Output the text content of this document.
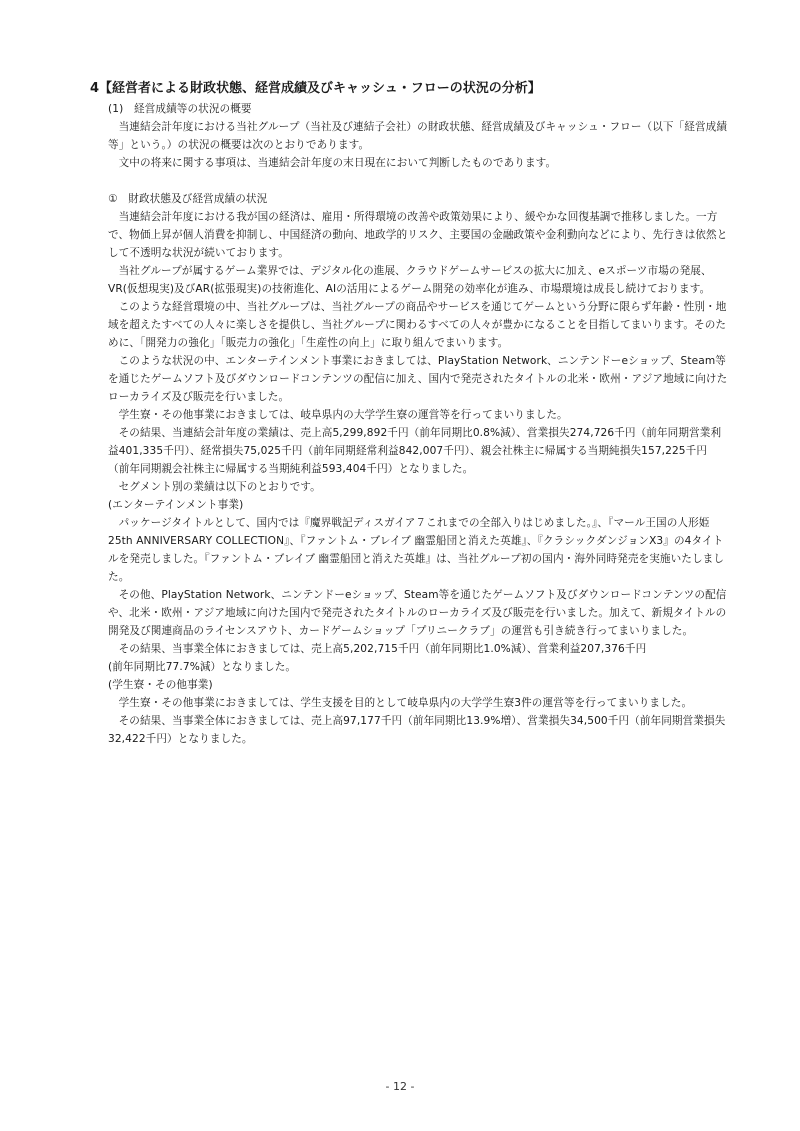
4【経営者による財政状態、経営成績及びキャッシュ・フローの状況の分析】

(1)　経営成績等の状況の概要

当連結会計年度における当社グループ（当社及び連結子会社）の財政状態、経営成績及びキャッシュ・フロー（以下「経営成績等」という。）の状況の概要は次のとおりであります。

文中の将来に関する事項は、当連結会計年度の末日現在において判断したものであります。

①　財政状態及び経営成績の状況

当連結会計年度における我が国の経済は、雇用・所得環境の改善や政策効果により、緩やかな回復基調で推移しました。一方で、物価上昇が個人消費を抑制し、中国経済の動向、地政学的リスク、主要国の金融政策や金利動向などにより、先行きは依然として不透明な状況が続いております。

当社グループが属するゲーム業界では、デジタル化の進展、クラウドゲームサービスの拡大に加え、eスポーツ市場の発展、VR(仮想現実)及びAR(拡張現実)の技術進化、AIの活用によるゲーム開発の効率化が進み、市場環境は成長し続けております。

このような経営環境の中、当社グループは、当社グループの商品やサービスを通じてゲームという分野に限らず年齢・性別・地域を超えたすべての人々に楽しさを提供し、当社グループに関わるすべての人々が豊かになることを目指してまいります。そのために、「開発力の強化」「販売力の強化」「生産性の向上」に取り組んでまいります。

このような状況の中、エンターテインメント事業におきましては、PlayStation Network、ニンテンドーeショップ、Steam等を通じたゲームソフト及びダウンロードコンテンツの配信に加え、国内で発売されたタイトルの北米・欧州・アジア地域に向けたローカライズ及び販売を行いました。

学生寮・その他事業におきましては、岐阜県内の大学学生寮の運営等を行ってまいりました。

その結果、当連結会計年度の業績は、売上高5,299,892千円（前年同期比0.8%減）、営業損失274,726千円（前年同期営業利益401,335千円）、経常損失75,025千円（前年同期経常利益842,007千円）、親会社株主に帰属する当期純損失157,225千円（前年同期親会社株主に帰属する当期純利益593,404千円）となりました。

セグメント別の業績は以下のとおりです。

(エンターテインメント事業)

パッケージタイトルとして、国内では『魔界戦記ディスガイア７これまでの全部入りはじめました。』、『マール王国の人形姫25th ANNIVERSARY COLLECTION』、『ファントム・ブレイブ 幽霊船団と消えた英雄』、『クラシックダンジョンX3』の4タイトルを発売しました。『ファントム・ブレイブ 幽霊船団と消えた英雄』は、当社グループ初の国内・海外同時発売を実施いたしました。

その他、PlayStation Network、ニンテンドーeショップ、Steam等を通じたゲームソフト及びダウンロードコンテンツの配信や、北米・欧州・アジア地域に向けた国内で発売されたタイトルのローカライズ及び販売を行いました。加えて、新規タイトルの開発及び関連商品のライセンスアウト、カードゲームショップ「プリニークラブ」の運営も引き続き行ってまいりました。

その結果、当事業全体におきましては、売上高5,202,715千円（前年同期比1.0%減）、営業利益207,376千円

(前年同期比77.7%減）となりました。

(学生寮・その他事業)

学生寮・その他事業におきましては、学生支援を目的として岐阜県内の大学学生寮3件の運営等を行ってまいりました。

その結果、当事業全体におきましては、売上高97,177千円（前年同期比13.9%増）、営業損失34,500千円（前年同期営業損失32,422千円）となりました。

- 12 -
